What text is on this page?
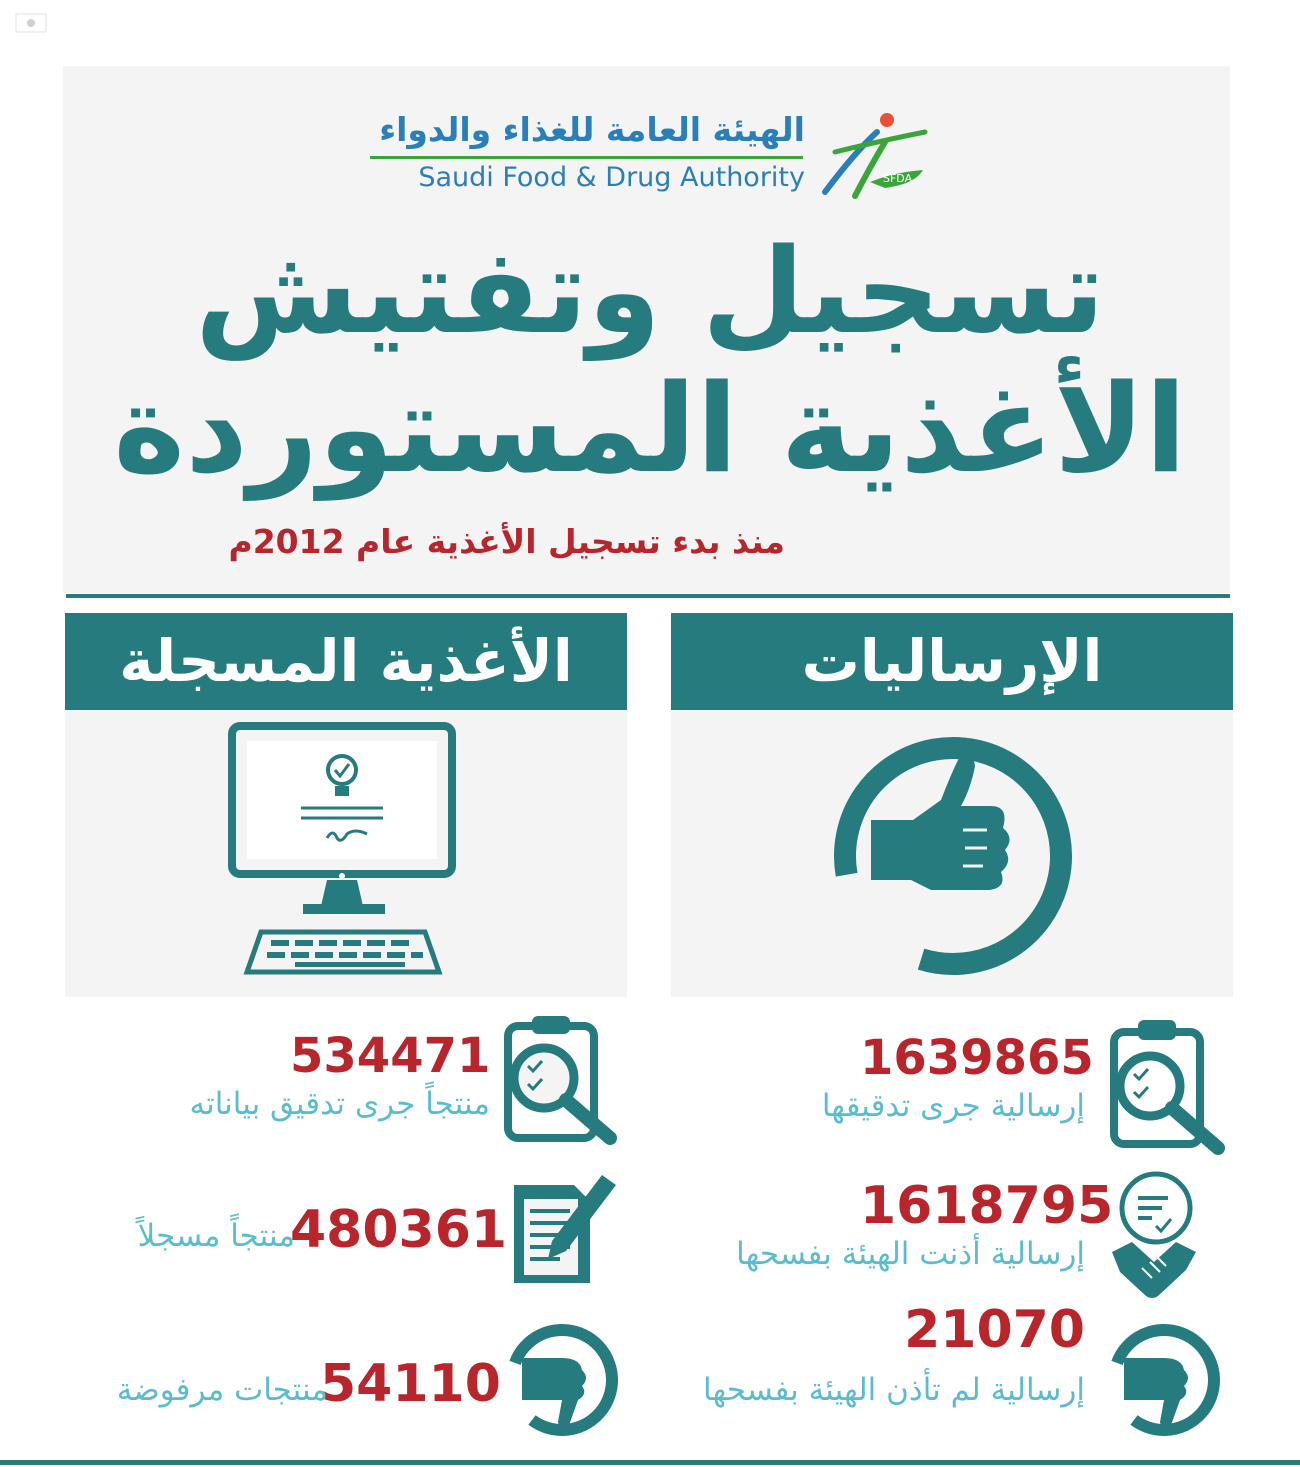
SFDA
الهيئة العامة للغذاء والدواء
Saudi Food & Drug Authority
تسجيل وتفتيش
الأغذية المستوردة
منذ بدء تسجيل الأغذية عام 2012م
الأغذية المسجلة	الإرساليات
534471
منتجاً جرى تدقيق بياناته
480361
منتجاً مسجلاً
54110
منتجات مرفوضة
1639865
إرسالية جرى تدقيقها
1618795
إرسالية أذنت الهيئة بفسحها
21070
إرسالية لم تأذن الهيئة بفسحها
